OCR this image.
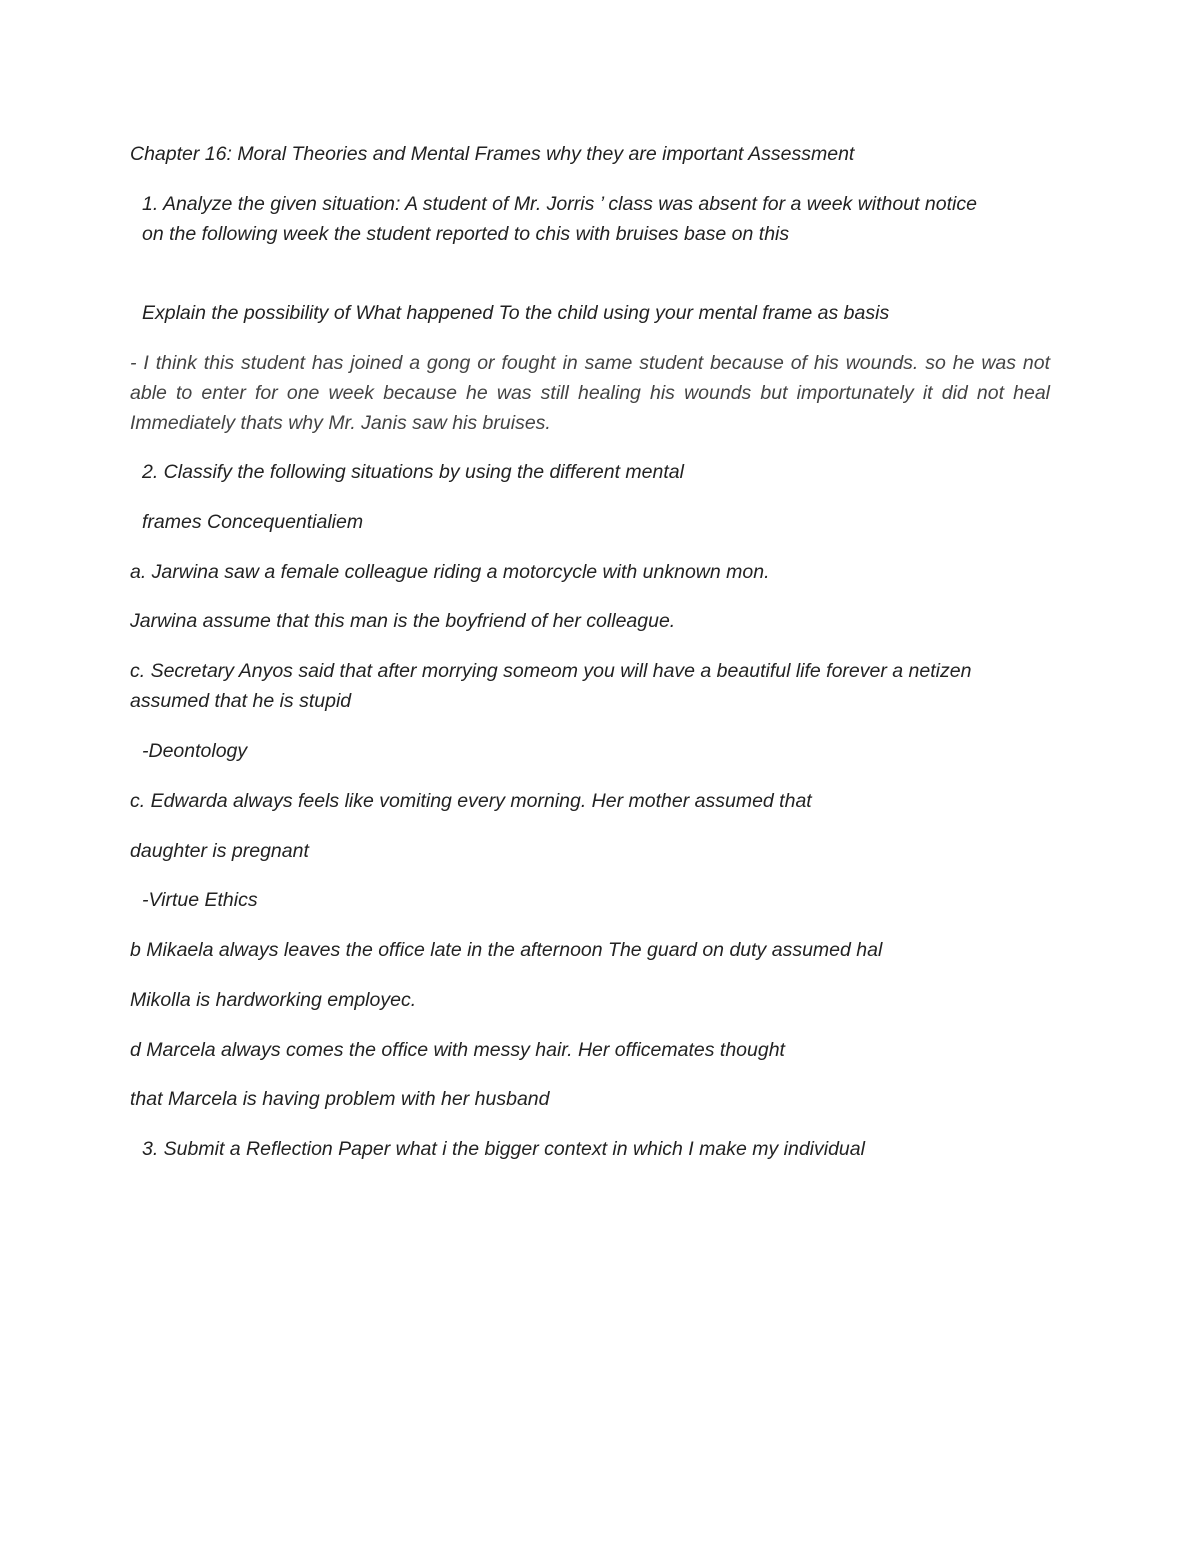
Chapter 16: Moral Theories and Mental Frames why they are important Assessment

1. Analyze the given situation: A student of Mr. Jorris ’ class was absent for a week without notice on the following week the student reported to chis with bruises base on this

Explain the possibility of What happened To the child using your mental frame as basis

- I think this student has joined a gong or fought in same student because of his wounds. so he was not able to enter for one week because he was still healing his wounds but importunately it did not heal Immediately thats why Mr. Janis saw his bruises.

2. Classify the following situations by using the different mental

frames Concequentialiem

a. Jarwina saw a female colleague riding a motorcycle with unknown mon.

Jarwina assume that this man is the boyfriend of her colleague.

c. Secretary Anyos said that after morrying someom you will have a beautiful life forever a netizen assumed that he is stupid

-Deontology

c. Edwarda always feels like vomiting every morning. Her mother assumed that

daughter is pregnant

-Virtue Ethics

b Mikaela always leaves the office late in the afternoon The guard on duty assumed hal

Mikolla is hardworking employec.

d Marcela always comes the office with messy hair. Her officemates thought

that Marcela is having problem with her husband

3. Submit a Reflection Paper what i the bigger context in which I make my individual
